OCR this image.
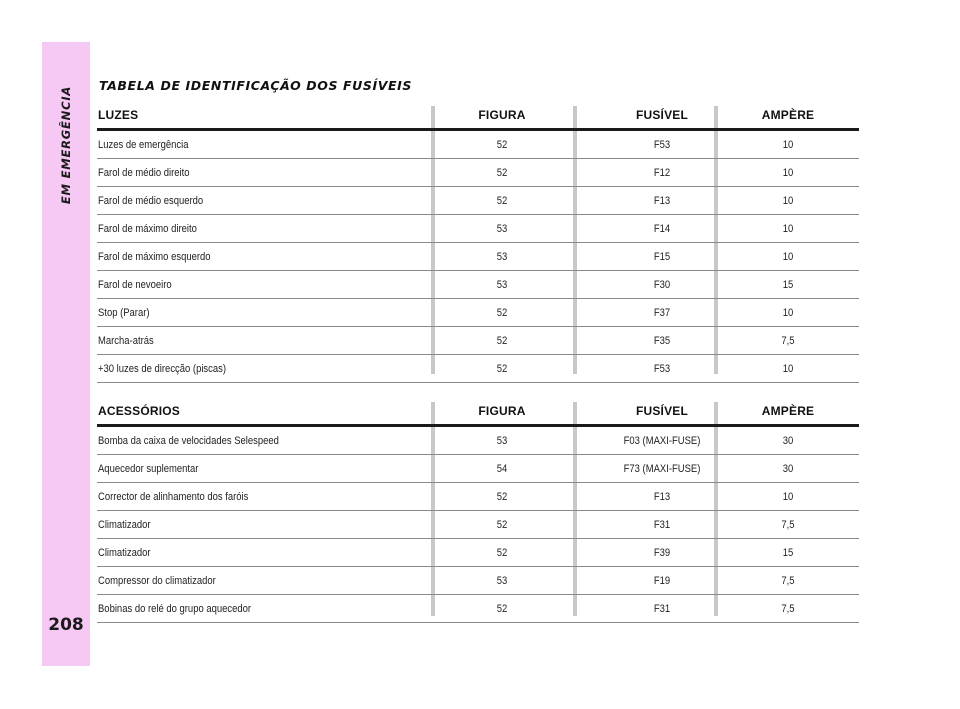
EM EMERGÊNCIA
208
TABELA DE IDENTIFICAÇÃO DOS FUSÍVEIS
LUZES	FIGURA	FUSÍVEL	AMPÈRE
Luzes de emergência	52	F53	10
Farol de médio direito	52	F12	10
Farol de médio esquerdo	52	F13	10
Farol de máximo direito	53	F14	10
Farol de máximo esquerdo	53	F15	10
Farol de nevoeiro	53	F30	15
Stop (Parar)	52	F37	10
Marcha-atrás	52	F35	7,5
+30 luzes de direcção (piscas)	52	F53	10
ACESSÓRIOS	FIGURA	FUSÍVEL	AMPÈRE
Bomba da caixa de velocidades Selespeed	53	F03 (MAXI-FUSE)	30
Aquecedor suplementar	54	F73 (MAXI-FUSE)	30
Corrector de alinhamento dos faróis	52	F13	10
Climatizador	52	F31	7,5
Climatizador	52	F39	15
Compressor do climatizador	53	F19	7,5
Bobinas do relé do grupo aquecedor	52	F31	7,5
